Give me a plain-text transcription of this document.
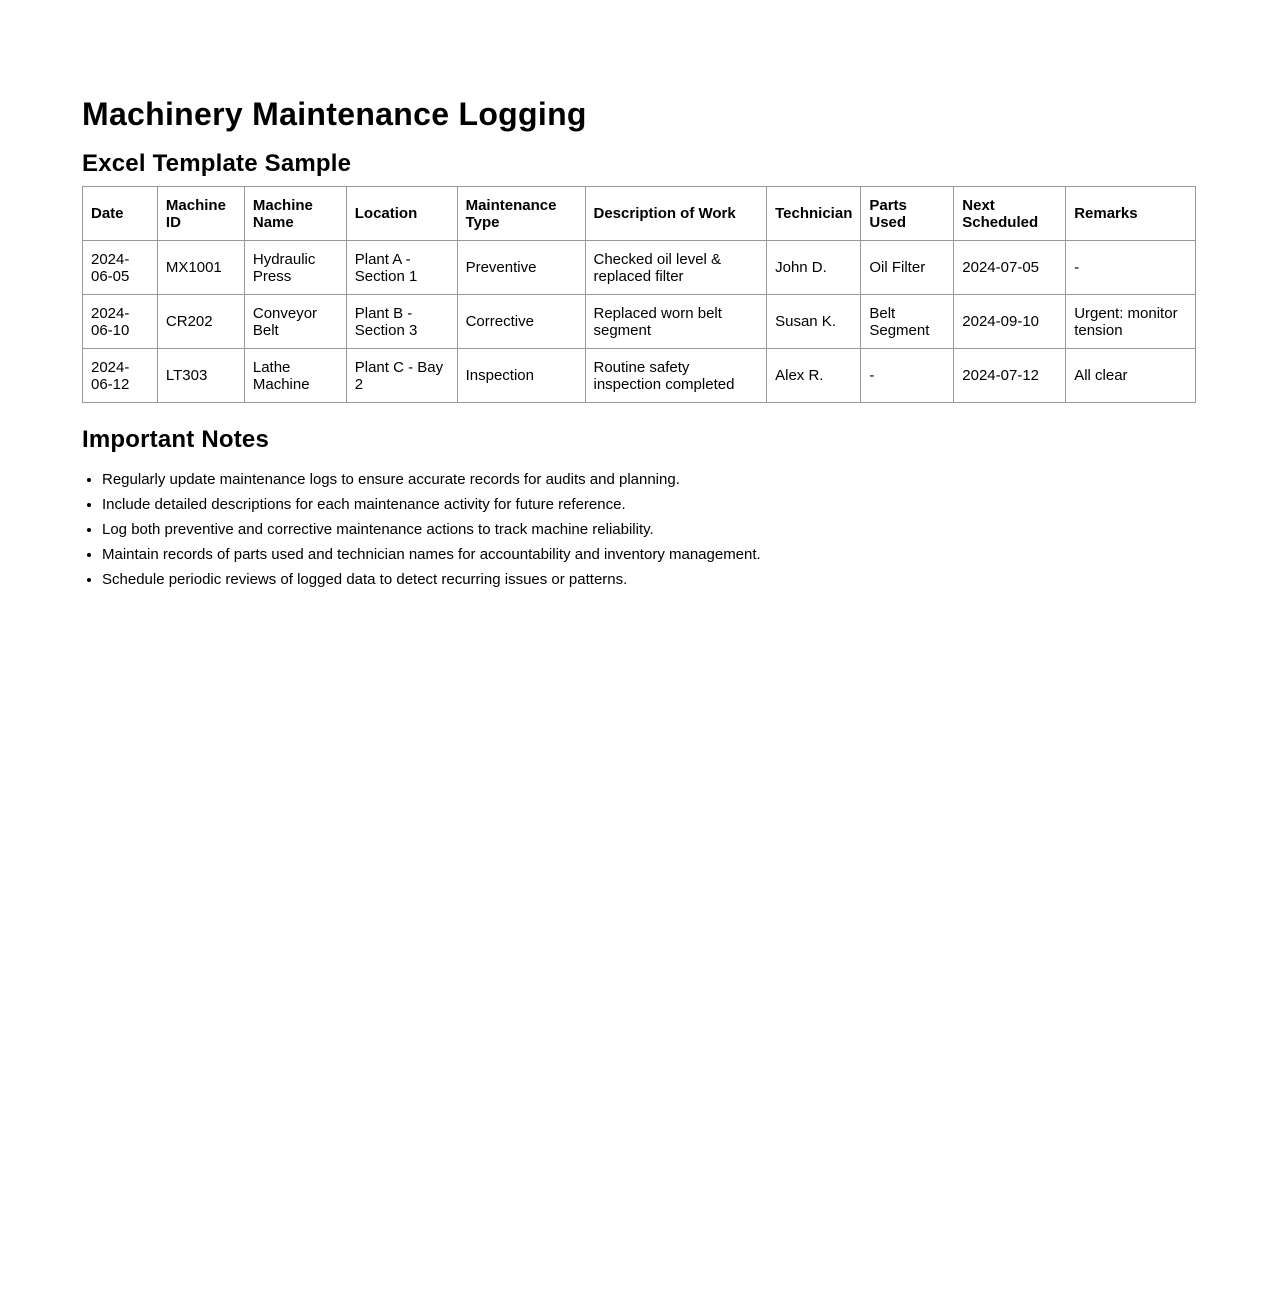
Machinery Maintenance Logging
Excel Template Sample
Date	Machine ID	Machine Name	Location	Maintenance Type	Description of Work	Technician	Parts Used	Next Scheduled	Remarks
2024-06-05	MX1001	Hydraulic Press	Plant A - Section 1	Preventive	Checked oil level & replaced filter	John D.	Oil Filter	2024-07-05	-
2024-06-10	CR202	Conveyor Belt	Plant B - Section 3	Corrective	Replaced worn belt segment	Susan K.	Belt Segment	2024-09-10	Urgent: monitor tension
2024-06-12	LT303	Lathe Machine	Plant C - Bay 2	Inspection	Routine safety inspection completed	Alex R.	-	2024-07-12	All clear
Important Notes
• Regularly update maintenance logs to ensure accurate records for audits and planning.
• Include detailed descriptions for each maintenance activity for future reference.
• Log both preventive and corrective maintenance actions to track machine reliability.
• Maintain records of parts used and technician names for accountability and inventory management.
• Schedule periodic reviews of logged data to detect recurring issues or patterns.
